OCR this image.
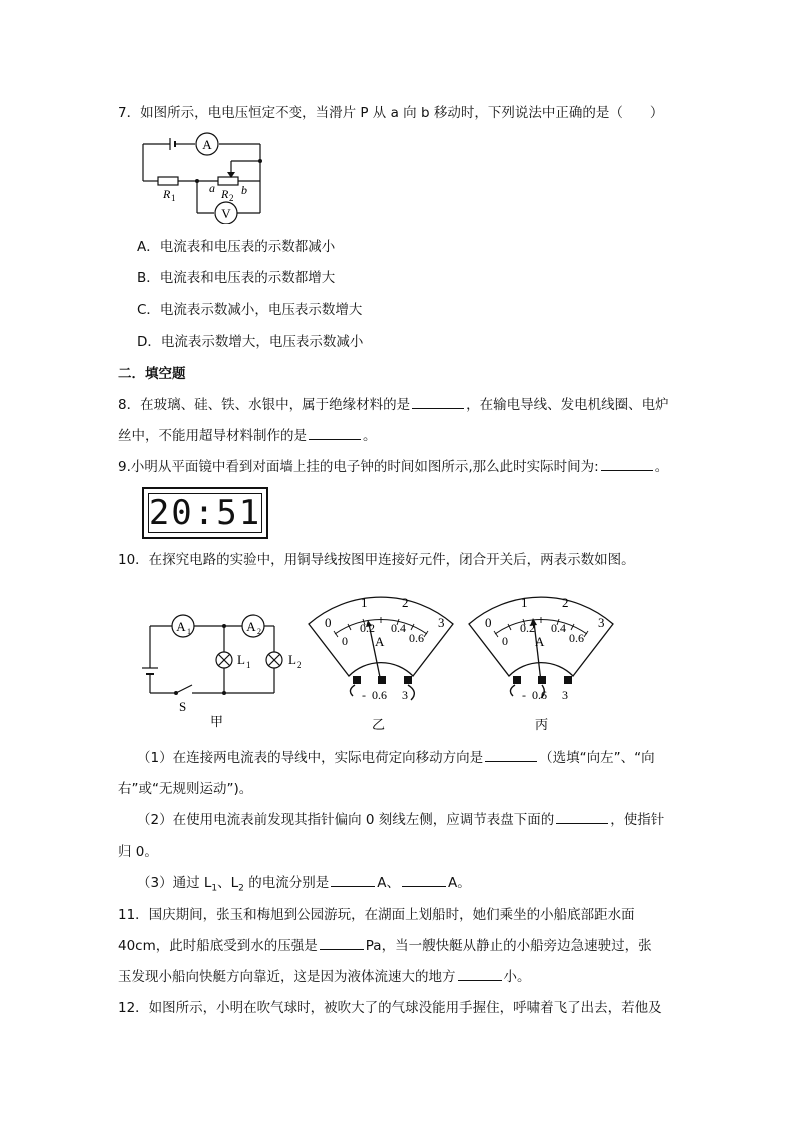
7．如图所示，电电压恒定不变，当滑片 P 从 a 向 b 移动时，下列说法中正确的是（　　）
A
V
R 1	R 2
a b
A．电流表和电压表的示数都减小
B．电流表和电压表的示数都增大
C．电流表示数减小，电压表示数增大
D．电流表示数增大，电压表示数减小
二．填空题
8．在玻璃、硅、铁、水银中，属于绝缘材料的是	，在输电导线、发电机线圈、电炉
丝中，不能用超导材料制作的是	。
9.小明从平面镜中看到对面墙上挂的电子钟的时间如图所示,那么此时实际时间为:	。
20:51
10．在探究电路的实验中，用铜导线按图甲连接好元件，闭合开关后，两表示数如图。
A 1	A 2
L 1	L 2
S
甲
0
1	2
3
0
0.2 0.4
0.6
A
- 0.6 3
乙
0
1	2
3
0
0.2 0.4
0.6
A
- 0.6 3
丙
（1）在连接两电流表的导线中，实际电荷定向移动方向是	（选填“向左”、“向
右”或“无规则运动”)。
（2）在使用电流表前发现其指针偏向 0 刻线左侧，应调节表盘下面的	，使指针
归 0。
（3）通过 $L_1$、$L_2$ 的电流分别是	A、	A。
11．国庆期间，张玉和梅旭到公园游玩，在湖面上划船时，她们乘坐的小船底部距水面
40cm，此时船底受到水的压强是	Pa，当一艘快艇从静止的小船旁边急速驶过，张
玉发现小船向快艇方向靠近，这是因为液体流速大的地方	小。
12．如图所示，小明在吹气球时，被吹大了的气球没能用手握住，呼啸着飞了出去，若他及
